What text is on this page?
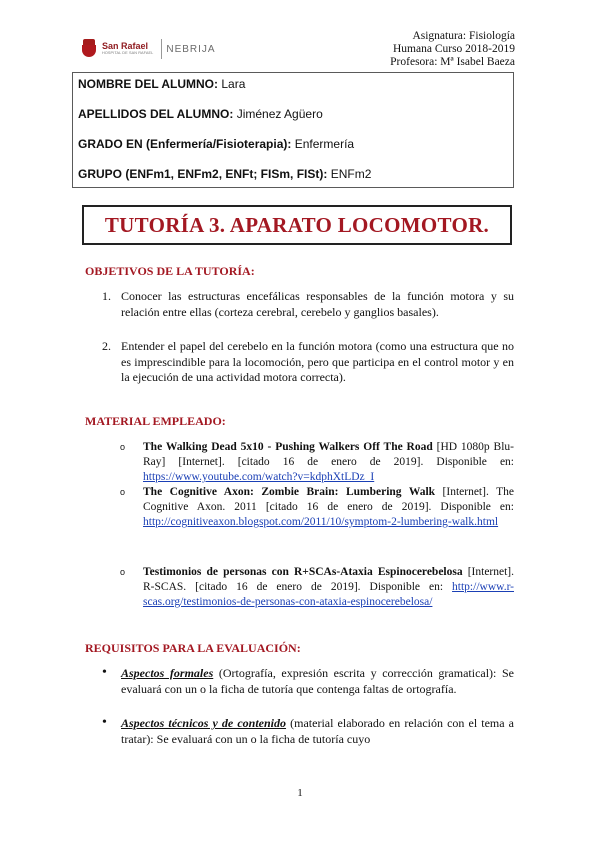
San Rafael
HOSPITAL DE SAN RAFAEL NEBRIJA
Asignatura: Fisiología
Humana Curso 2018-2019
Profesora: Mª Isabel Baeza
NOMBRE DEL ALUMNO: Lara
APELLIDOS DEL ALUMNO: Jiménez Agüero
GRADO EN (Enfermería/Fisioterapia): Enfermería
GRUPO (ENFm1, ENFm2, ENFt; FISm, FISt): ENFm2
TUTORÍA 3. APARATO LOCOMOTOR.
OBJETIVOS DE LA TUTORÍA:
1. Conocer las estructuras encefálicas responsables de la función motora y su relación entre ellas (corteza cerebral, cerebelo y ganglios basales).
2. Entender el papel del cerebelo en la función motora (como una estructura que no es imprescindible para la locomoción, pero que participa en el control motor y en la ejecución de una actividad motora correcta).
MATERIAL EMPLEADO:
o The Walking Dead 5x10 - Pushing Walkers Off The Road [HD 1080p Blu-Ray] [Internet]. [citado 16 de enero de 2019]. Disponible en: https://www.youtube.com/watch?v=kdphXtLDz_I
o The Cognitive Axon: Zombie Brain: Lumbering Walk [Internet]. The Cognitive Axon. 2011 [citado 16 de enero de 2019]. Disponible en: http://cognitiveaxon.blogspot.com/2011/10/symptom-2-lumbering-walk.html
o Testimonios de personas con R+SCAs-Ataxia Espinocerebelosa [Internet]. R-SCAS. [citado 16 de enero de 2019]. Disponible en: http://www.r-scas.org/testimonios-de-personas-con-ataxia-espinocerebelosa/
REQUISITOS PARA LA EVALUACIÓN:
• Aspectos formales (Ortografía, expresión escrita y corrección gramatical): Se evaluará con un o la ficha de tutoría que contenga faltas de ortografía.
• Aspectos técnicos y de contenido (material elaborado en relación con el tema a tratar): Se evaluará con un o la ficha de tutoría cuyo
1
